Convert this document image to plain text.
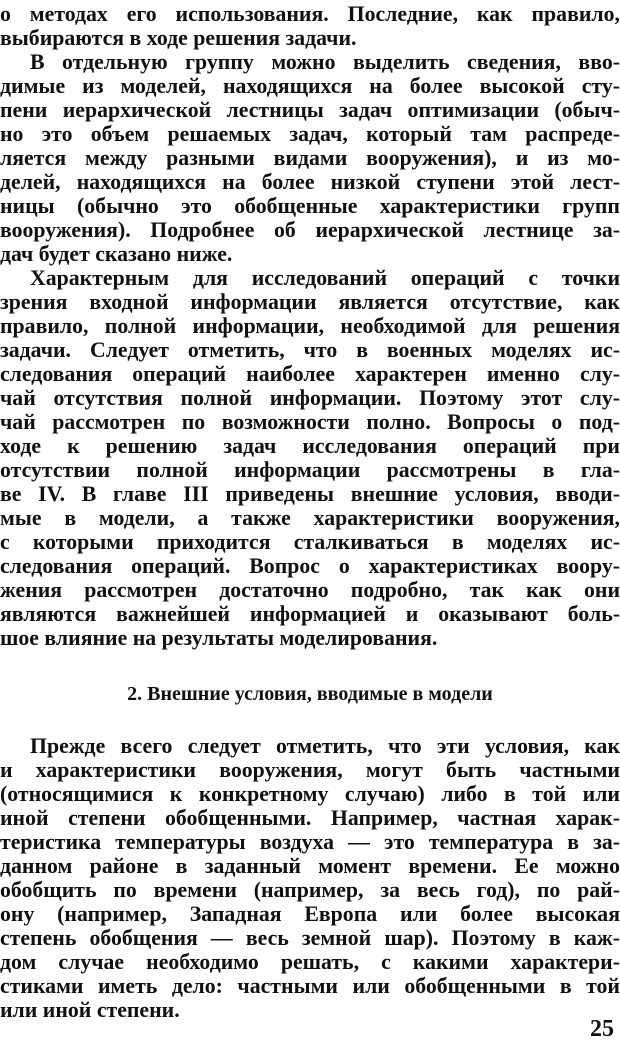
о методах его использования. Последние, как правило,
выбираются в ходе решения задачи.
В отдельную группу можно выделить сведения, вво-
димые из моделей, находящихся на более высокой сту-
пени иерархической лестницы задач оптимизации (обыч-
но это объем решаемых задач, который там распреде-
ляется между разными видами вооружения), и из мо-
делей, находящихся на более низкой ступени этой лест-
ницы (обычно это обобщенные характеристики групп
вооружения). Подробнее об иерархической лестнице за-
дач будет сказано ниже.
Характерным для исследований операций с точки
зрения входной информации является отсутствие, как
правило, полной информации, необходимой для решения
задачи. Следует отметить, что в военных моделях ис-
следования операций наиболее характерен именно слу-
чай отсутствия полной информации. Поэтому этот слу-
чай рассмотрен по возможности полно. Вопросы о под-
ходе к решению задач исследования операций при
отсутствии полной информации рассмотрены в гла-
ве IV. В главе III приведены внешние условия, вводи-
мые в модели, а также характеристики вооружения,
с которыми приходится сталкиваться в моделях ис-
следования операций. Вопрос о характеристиках воору-
жения рассмотрен достаточно подробно, так как они
являются важнейшей информацией и оказывают боль-
шое влияние на результаты моделирования.
2. Внешние условия, вводимые в модели
Прежде всего следует отметить, что эти условия, как
и характеристики вооружения, могут быть частными
(относящимися к конкретному случаю) либо в той или
иной степени обобщенными. Например, частная харак-
теристика температуры воздуха — это температура в за-
данном районе в заданный момент времени. Ее можно
обобщить по времени (например, за весь год), по рай-
ону (например, Западная Европа или более высокая
степень обобщения — весь земной шар). Поэтому в каж-
дом случае необходимо решать, с какими характери-
стиками иметь дело: частными или обобщенными в той
или иной степени.
25
